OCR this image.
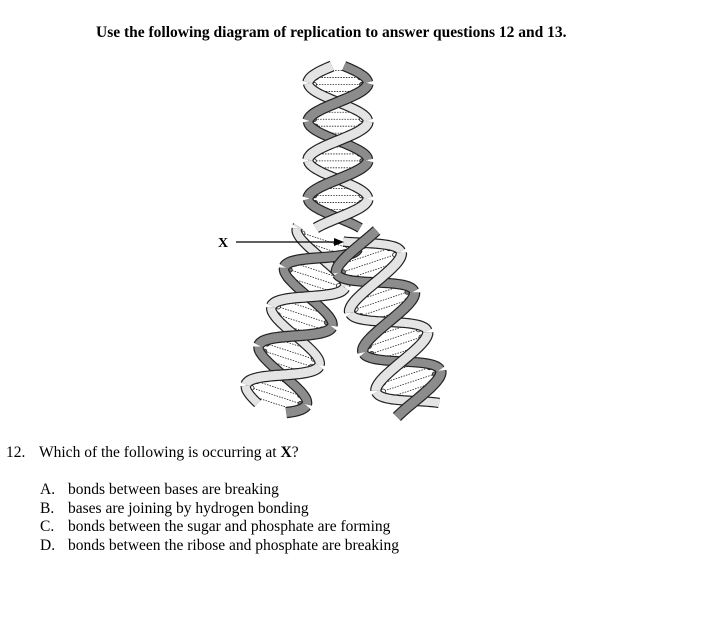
Use the following diagram of replication to answer questions 12 and 13.
X
12. Which of the following is occurring at X?
A. bonds between bases are breaking
B. bases are joining by hydrogen bonding
C. bonds between the sugar and phosphate are forming
D. bonds between the ribose and phosphate are breaking
